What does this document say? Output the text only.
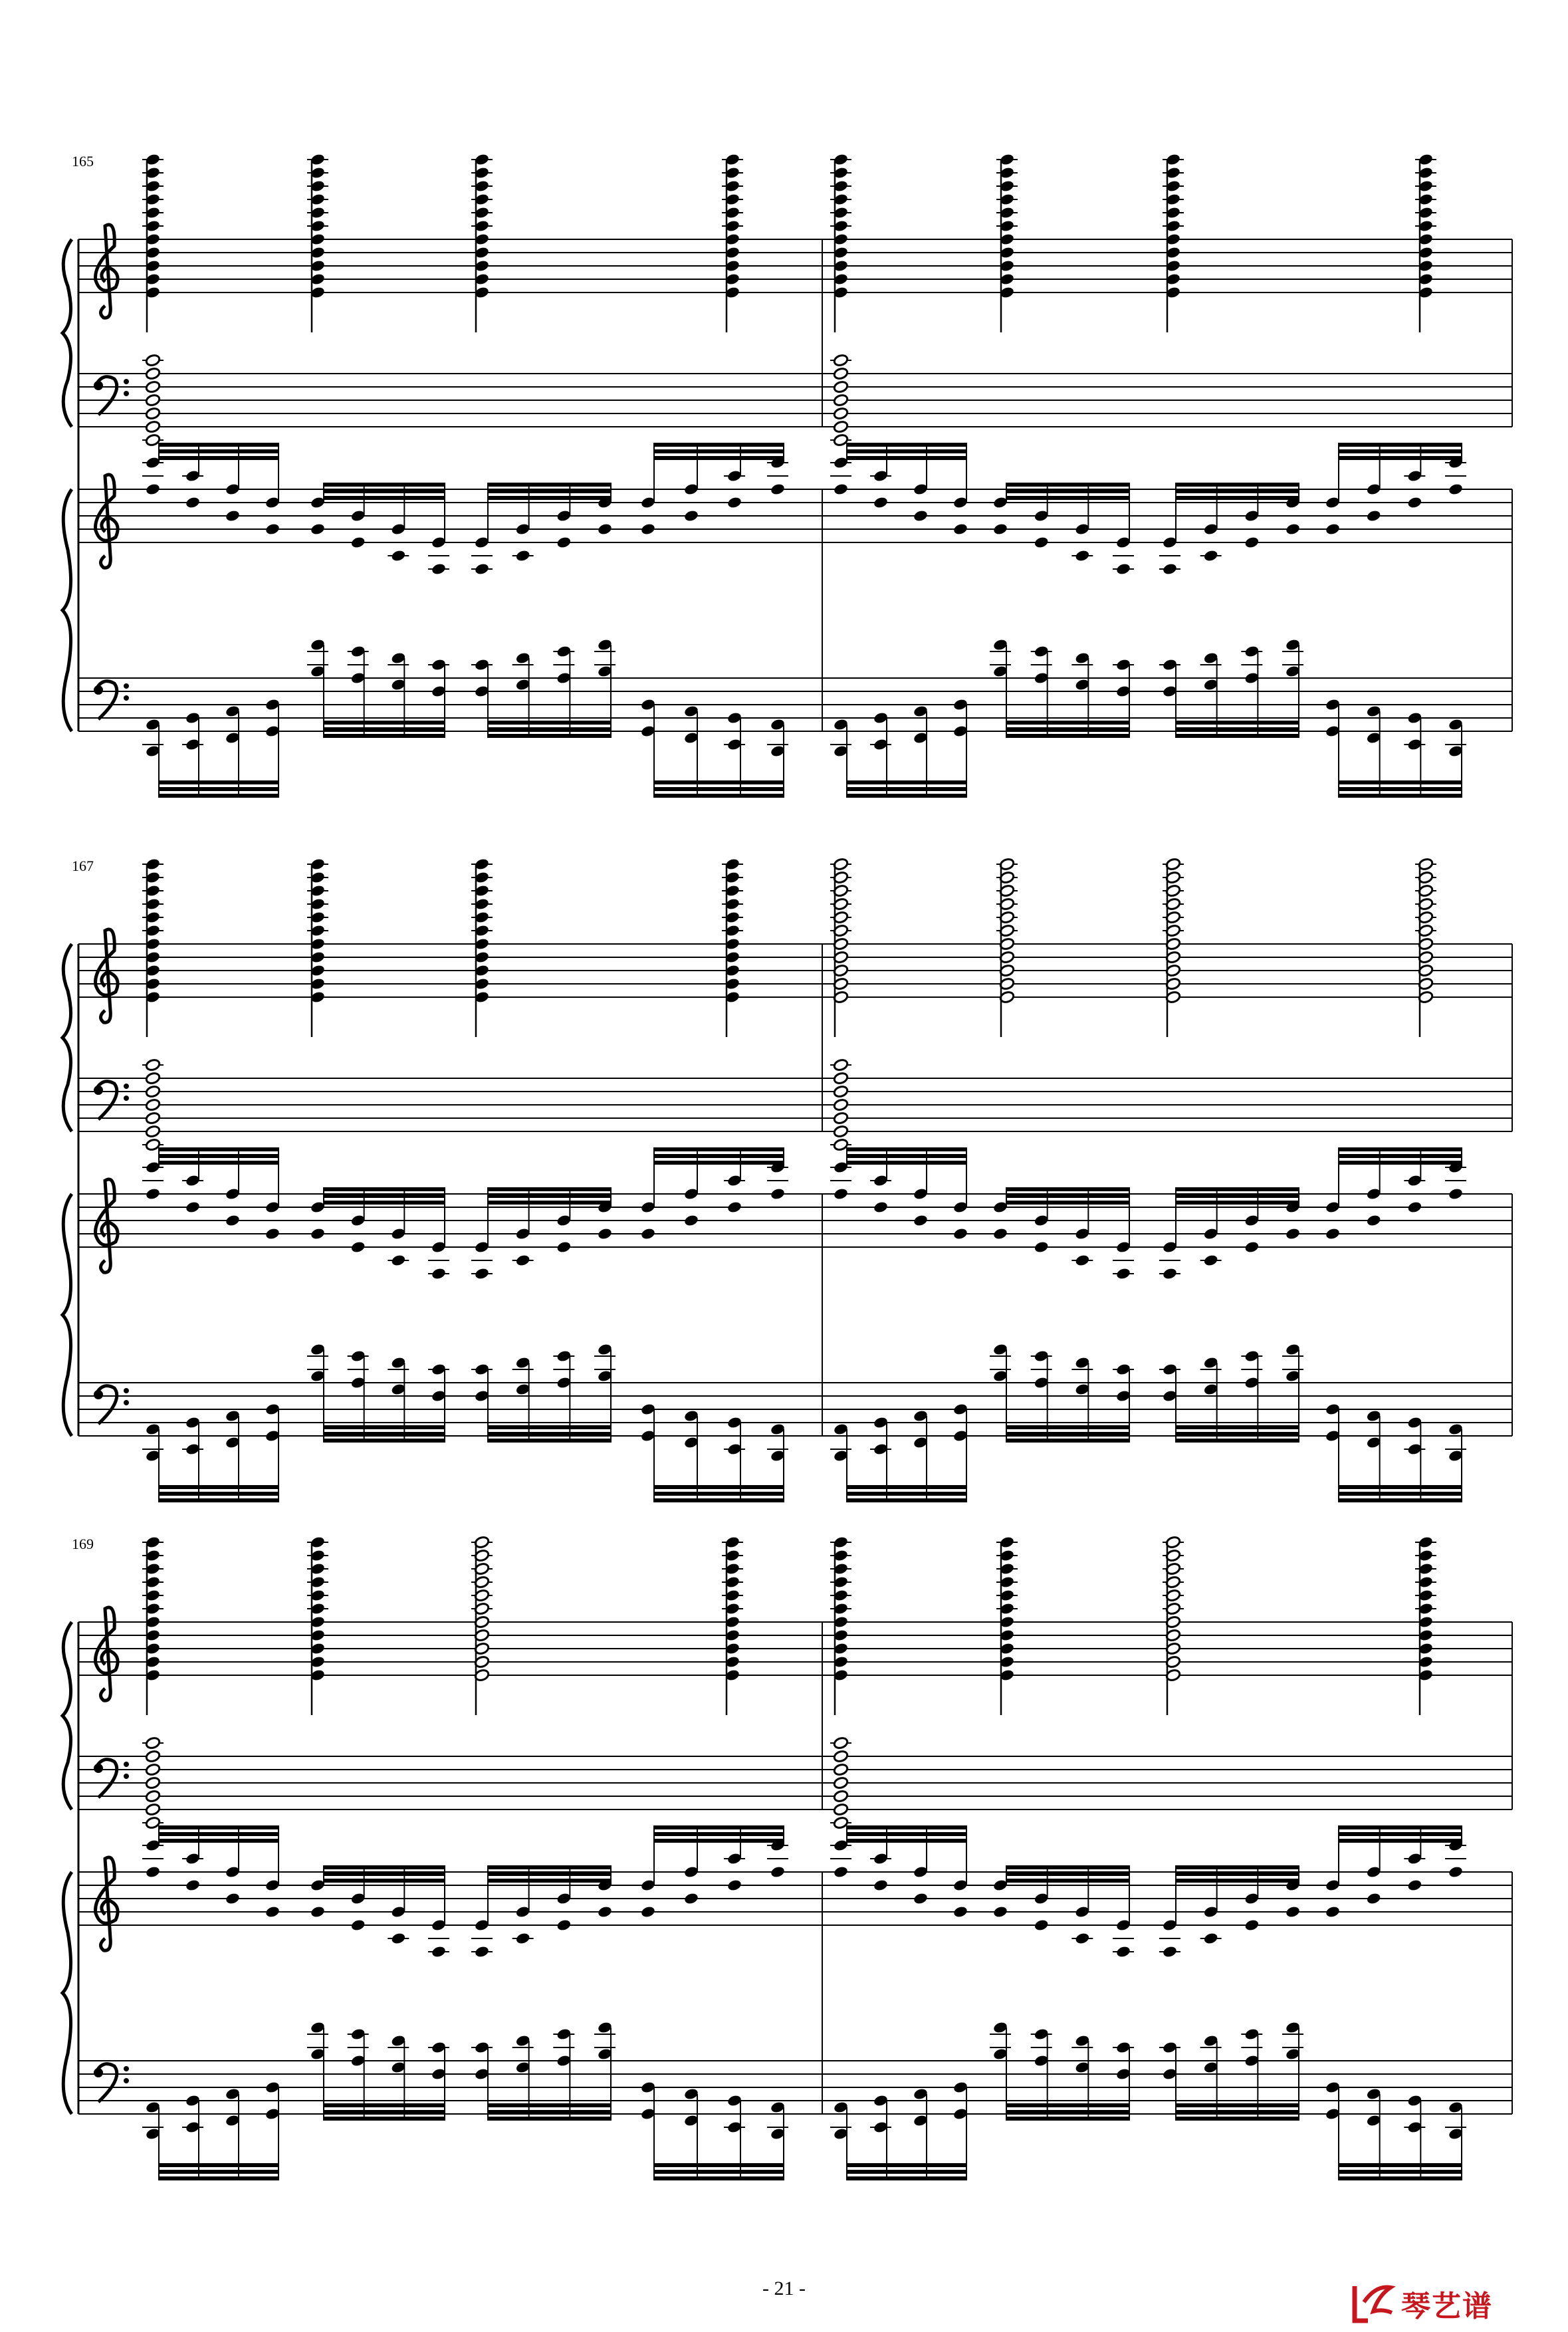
165
167
169
- 21 -
琴艺谱
